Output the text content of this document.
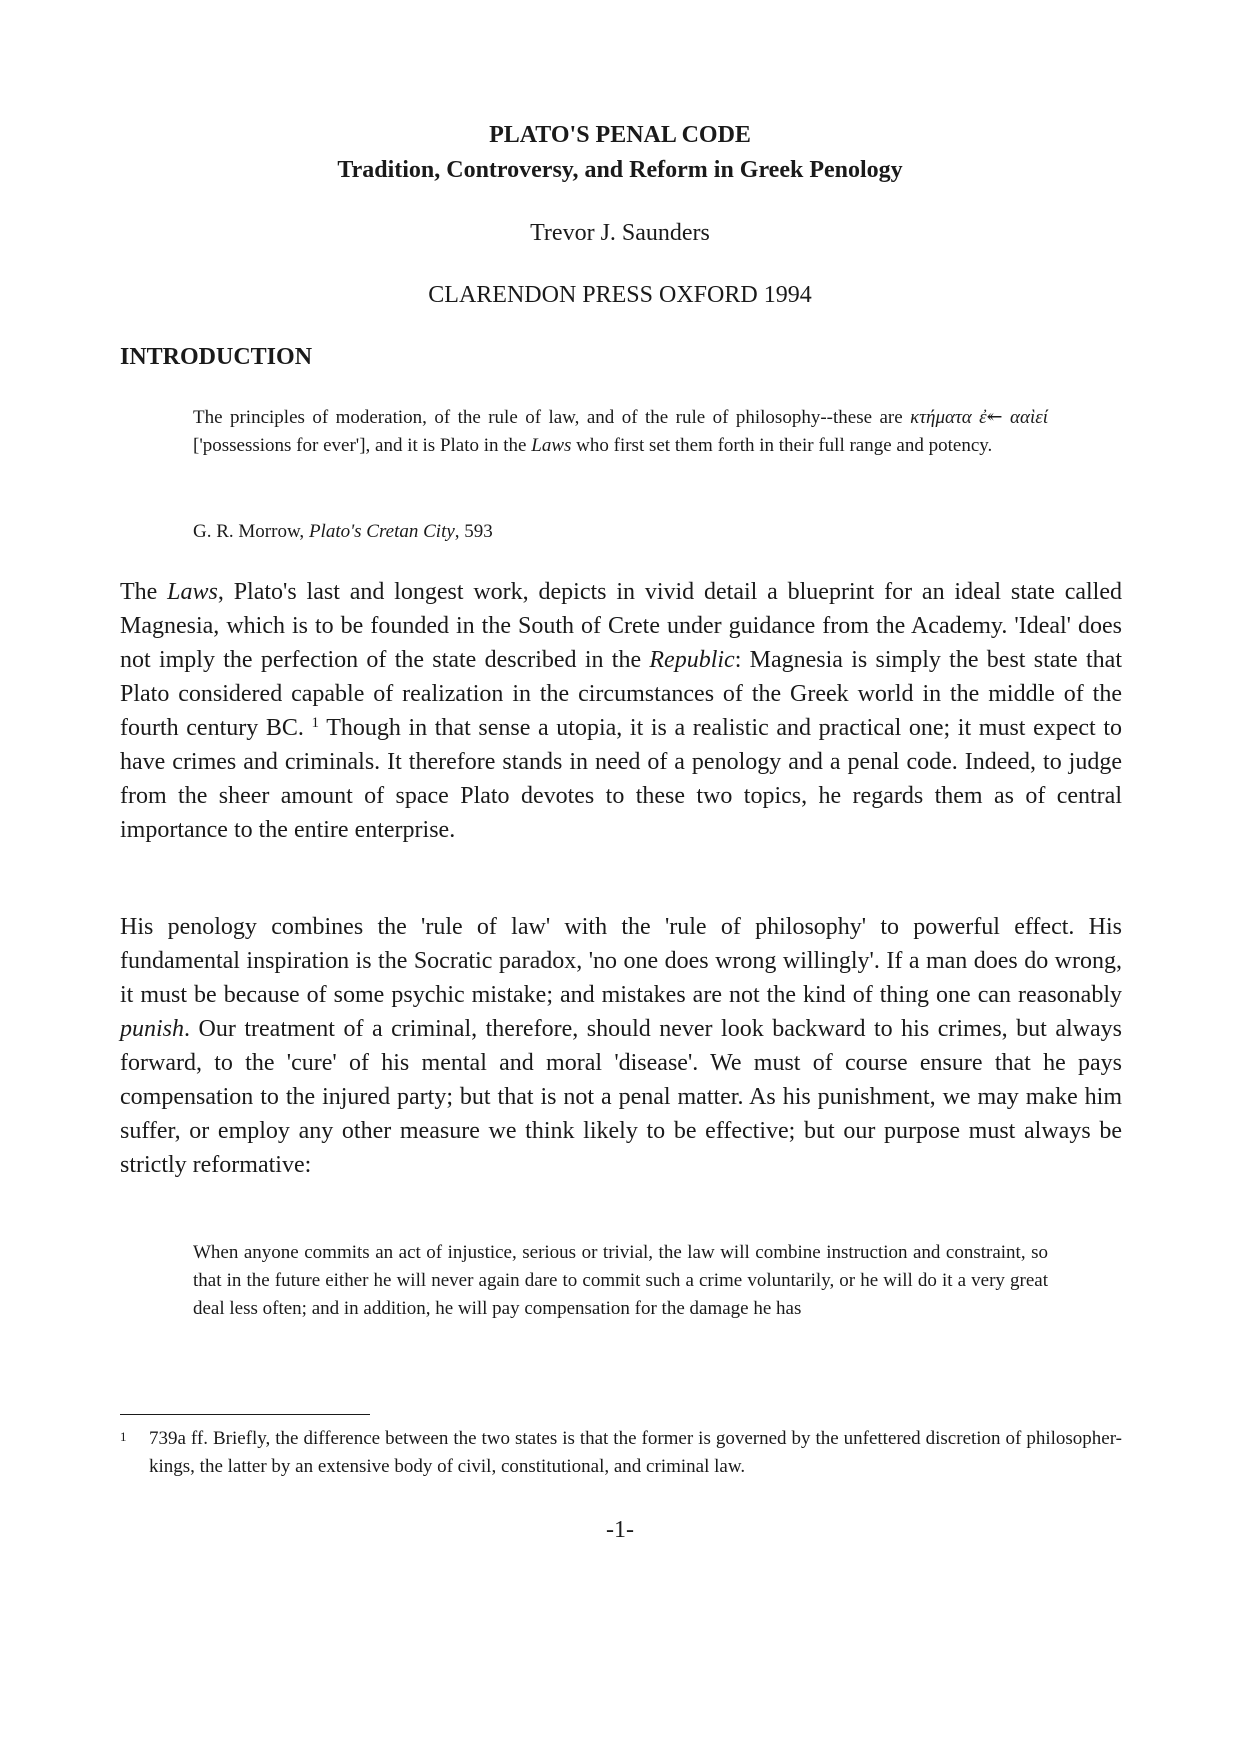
PLATO'S PENAL CODE
Tradition, Controversy, and Reform in Greek Penology
Trevor J. Saunders
CLARENDON PRESS OXFORD 1994
INTRODUCTION
The principles of moderation, of the rule of law, and of the rule of philosophy--these are κτήματα ἐ↞ ααὶεί ['possessions for ever'], and it is Plato in the Laws who first set them forth in their full range and potency.
G. R. Morrow, Plato's Cretan City, 593
The Laws, Plato's last and longest work, depicts in vivid detail a blueprint for an ideal state called Magnesia, which is to be founded in the South of Crete under guidance from the Academy. 'Ideal' does not imply the perfection of the state described in the Republic: Magnesia is simply the best state that Plato considered capable of realization in the circumstances of the Greek world in the middle of the fourth century BC. $^1$ Though in that sense a utopia, it is a realistic and practical one; it must expect to have crimes and criminals. It therefore stands in need of a penology and a penal code. Indeed, to judge from the sheer amount of space Plato devotes to these two topics, he regards them as of central importance to the entire enterprise.
His penology combines the 'rule of law' with the 'rule of philosophy' to powerful effect. His fundamental inspiration is the Socratic paradox, 'no one does wrong willingly'. If a man does do wrong, it must be because of some psychic mistake; and mistakes are not the kind of thing one can reasonably punish. Our treatment of a criminal, therefore, should never look backward to his crimes, but always forward, to the 'cure' of his mental and moral 'disease'. We must of course ensure that he pays compensation to the injured party; but that is not a penal matter. As his punishment, we may make him suffer, or employ any other measure we think likely to be effective; but our purpose must always be strictly reformative:
When anyone commits an act of injustice, serious or trivial, the law will combine instruction and constraint, so that in the future either he will never again dare to commit such a crime voluntarily, or he will do it a very great deal less often; and in addition, he will pay compensation for the damage he has
1 739a ff. Briefly, the difference between the two states is that the former is governed by the unfettered discretion of philosopher-kings, the latter by an extensive body of civil, constitutional, and criminal law.
-1-
